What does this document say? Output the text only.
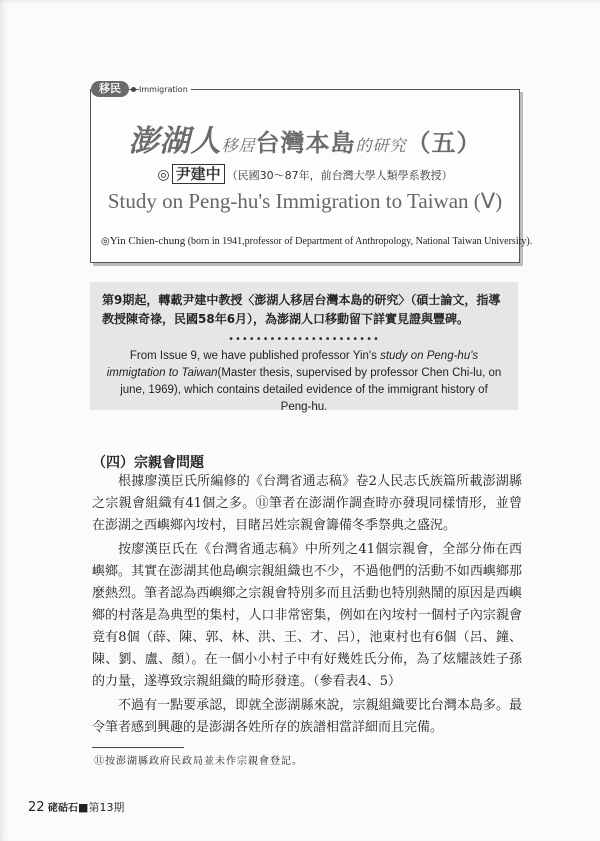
移民	Immigration
澎湖人移居台灣本島的研究（五）
◎ 尹建中 （民國30～87年，前台灣大學人類學系教授）
Study on Peng-hu's Immigration to Taiwan (Ⅴ)
◎Yin Chien-chung (born in 1941,professor of Department of Anthropology, National Taiwan University).
第9期起，轉載尹建中教授〈澎湖人移居台灣本島的研究〉（碩士論文，指導教授陳奇祿，民國58年6月），為澎湖人口移動留下詳實見證與豐碑。
••••••••••••••••••••••
From Issue 9, we have published professor Yin's study on Peng-hu's immigtation to Taiwan(Master thesis, supervised by professor Chen Chi-lu, on june, 1969), which contains detailed evidence of the immigrant history of Peng-hu.
（四）宗親會問題

根據廖漢臣氏所編修的《台灣省通志稿》卷2人民志氏族篇所載澎湖縣之宗親會組織有41個之多。⑪筆者在澎湖作調查時亦發現同樣情形，並曾在澎湖之西嶼鄉內垵村，目睹呂姓宗親會籌備冬季祭典之盛況。

按廖漢臣氏在《台灣省通志稿》中所列之41個宗親會，全部分佈在西嶼鄉。其實在澎湖其他島嶼宗親組織也不少，不過他們的活動不如西嶼鄉那麼熱烈。筆者認為西嶼鄉之宗親會特別多而且活動也特別熱鬧的原因是西嶼鄉的村落是為典型的集村，人口非常密集，例如在內垵村一個村子內宗親會竟有8個（薛、陳、郭、林、洪、王、才、呂），池東村也有6個（呂、鐘、陳、劉、盧、顏）。在一個小小村子中有好幾姓氏分佈，為了炫耀該姓子孫的力量，遂導致宗親組織的畸形發達。（參看表4、5）

不過有一點要承認，即就全澎湖縣來說，宗親組織要比台灣本島多。最令筆者感到興趣的是澎湖各姓所存的族譜相當詳細而且完備。

⑪按澎湖縣政府民政局並未作宗親會登記。
22 硓𥑮石■第13期
